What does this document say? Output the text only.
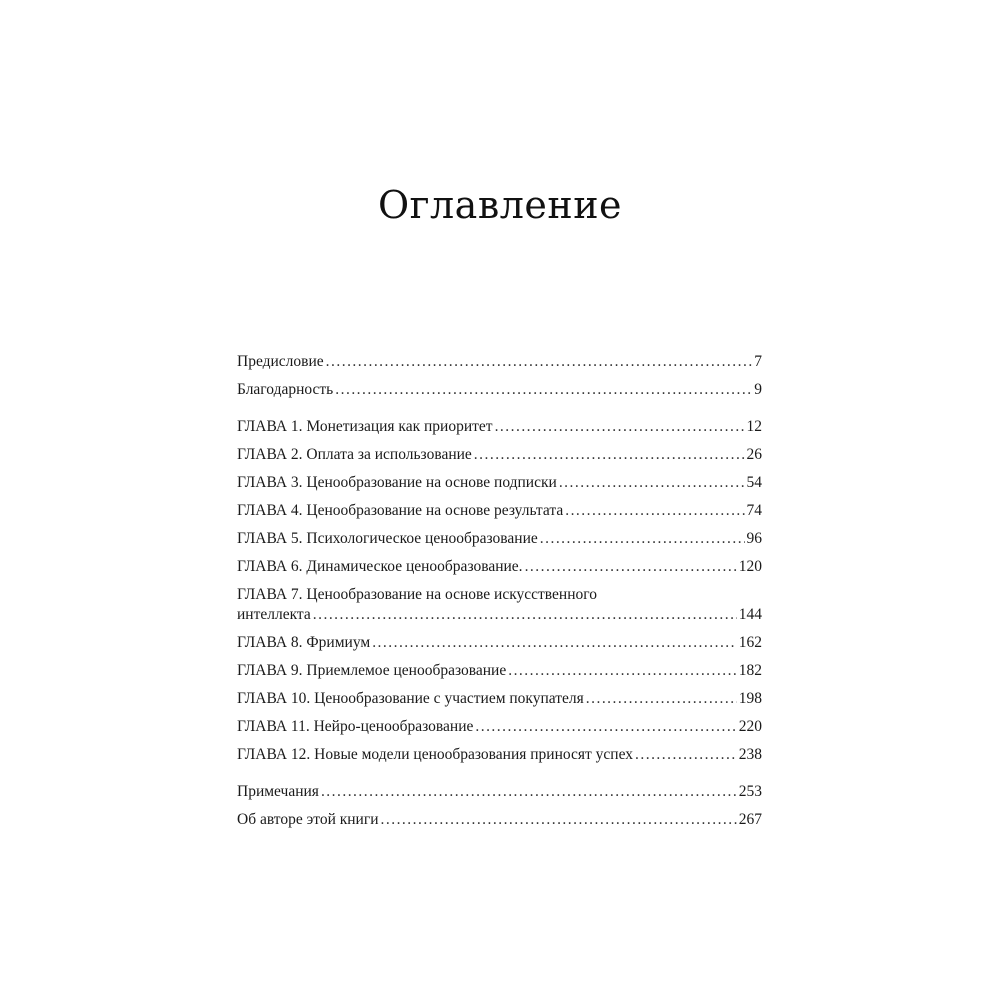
Оглавление
Предисловие . . .	7
Благодарность . . .	9
ГЛАВА 1. Монетизация как приоритет . . .	12
ГЛАВА 2. Оплата за использование . . .	26
ГЛАВА 3. Ценообразование на основе подписки . . .	54
ГЛАВА 4. Ценообразование на основе результата . . .	74
ГЛАВА 5. Психологическое ценообразование . . .	96
ГЛАВА 6. Динамическое ценообразование. . . .	120
ГЛАВА 7. Ценообразование на основе искусственного
интеллекта . . .	144
ГЛАВА 8. Фримиум . . .	162
ГЛАВА 9. Приемлемое ценообразование . . .	182
ГЛАВА 10. Ценообразование с участием покупателя . . .	198
ГЛАВА 11. Нейро-ценообразование . . .	220
ГЛАВА 12. Новые модели ценообразования приносят успех . . .	238
Примечания . . .	253
Об авторе этой книги . . .	267
